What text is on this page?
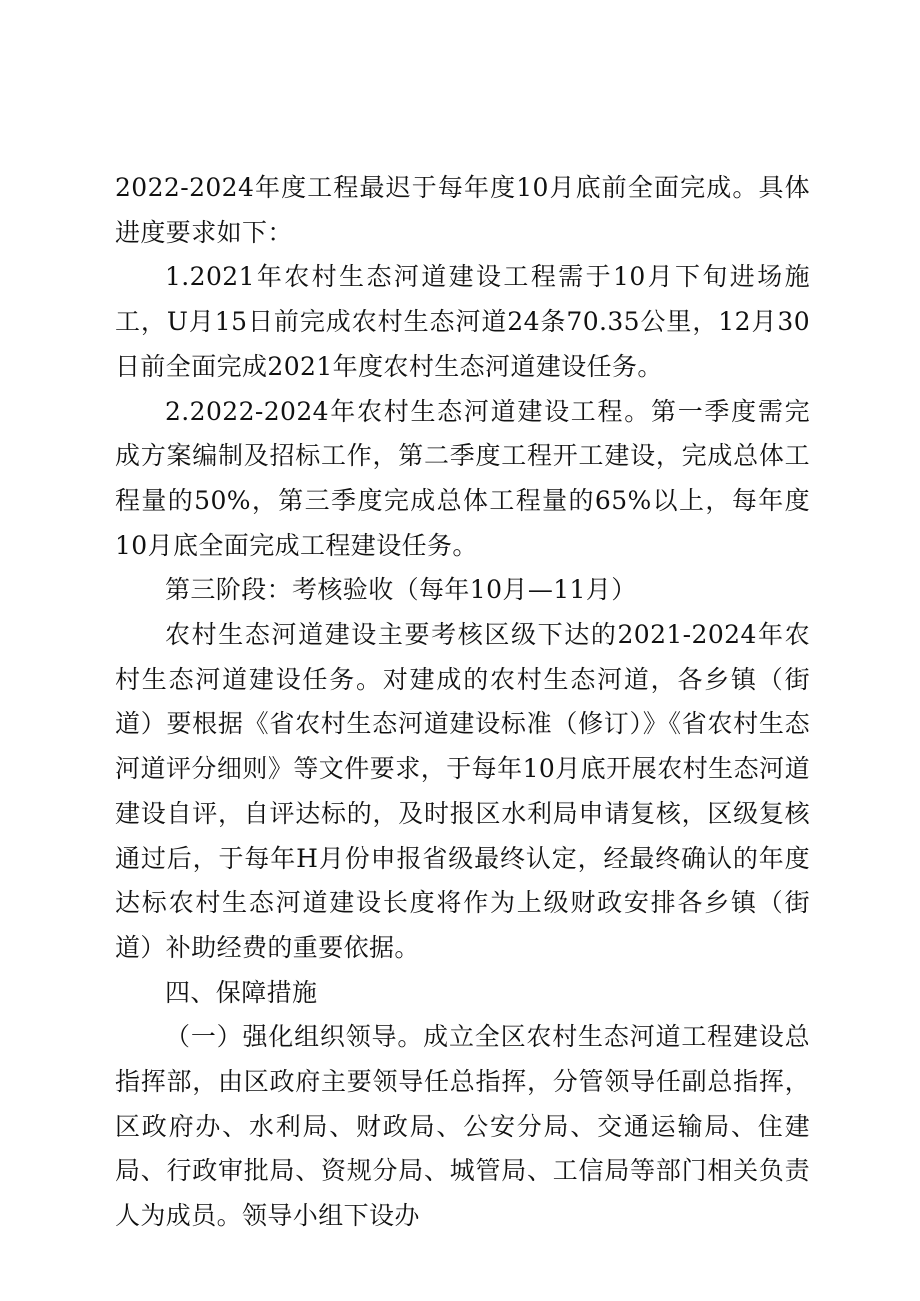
2022-2024年度工程最迟于每年度10月底前全面完成。具体进度要求如下：

1.2021年农村生态河道建设工程需于10月下旬进场施工，U月15日前完成农村生态河道24条70.35公里，12月30日前全面完成2021年度农村生态河道建设任务。

2.2022-2024年农村生态河道建设工程。第一季度需完成方案编制及招标工作，第二季度工程开工建设，完成总体工程量的50%，第三季度完成总体工程量的65%以上，每年度10月底全面完成工程建设任务。

第三阶段：考核验收（每年10月—11月）

农村生态河道建设主要考核区级下达的2021-2024年农村生态河道建设任务。对建成的农村生态河道，各乡镇（街道）要根据《省农村生态河道建设标准（修订）》《省农村生态河道评分细则》等文件要求，于每年10月底开展农村生态河道建设自评，自评达标的，及时报区水利局申请复核，区级复核通过后，于每年H月份申报省级最终认定，经最终确认的年度达标农村生态河道建设长度将作为上级财政安排各乡镇（街道）补助经费的重要依据。

四、保障措施

（一）强化组织领导。成立全区农村生态河道工程建设总指挥部，由区政府主要领导任总指挥，分管领导任副总指挥，区政府办、水利局、财政局、公安分局、交通运输局、住建局、行政审批局、资规分局、城管局、工信局等部门相关负责人为成员。领导小组下设办
